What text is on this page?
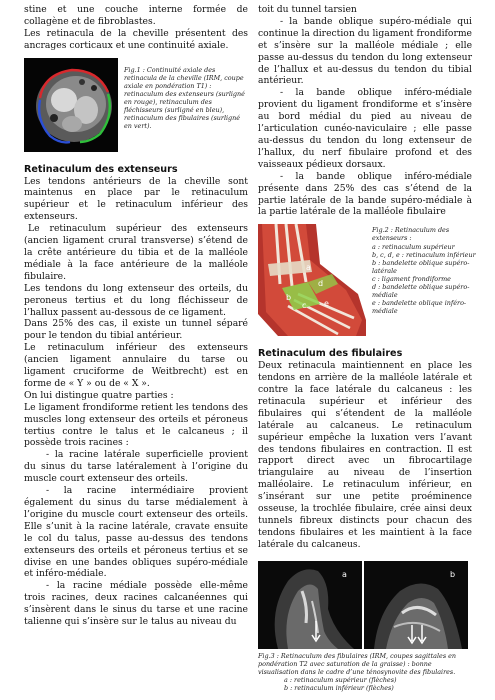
stine et une couche interne formée de collagène et de fibroblastes.

Les retinacula de la cheville présentent des ancrages corticaux et une continuité axiale.

Fig.1 : Continuité axiale des retinacula de la cheville (IRM, coupe axiale en pondération T1) : retinaculum des extenseurs (surligné en rouge), retinaculum des fléchisseurs (surligné en bleu), retinaculum des fibulaires (surligné en vert).

Retinaculum des extenseurs

Les tendons antérieurs de la cheville sont maintenus en place par le retinaculum supérieur et le retinaculum inférieur des extenseurs.

Le retinaculum supérieur des extenseurs (ancien ligament crural transverse) s’étend de la crête antérieure du tibia et de la malléole médiale à la face antérieure de la malléole fibulaire.

Les tendons du long extenseur des orteils, du peroneus tertius et du long fléchisseur de l’hallux passent au-dessous de ce ligament.

Dans 25% des cas, il existe un tunnel séparé pour le tendon du tibial antérieur.

Le retinaculum inférieur des extenseurs (ancien ligament annulaire du tarse ou ligament cruciforme de Weitbrecht) est en forme de « Y » ou de « X ».

On lui distingue quatre parties :

Le ligament frondiforme retient les tendons des muscles long extenseur des orteils et péroneus tertius contre le talus et le calcaneus ; il possède trois racines :

- la racine latérale superficielle provient du sinus du tarse latéralement à l’origine du muscle court extenseur des orteils.

- la racine intermédiaire provient également du sinus du tarse médialement à l’origine du muscle court extenseur des orteils. Elle s’unit à la racine latérale, cravate ensuite le col du talus, passe au-dessus des tendons extenseurs des orteils et péroneus tertius et se divise en une bandes obliques supéro-médiale et inféro-médiale.

- la racine médiale possède elle-même trois racines, deux racines calcanéennes qui s’insèrent dans le sinus du tarse et une racine talienne qui s’insère sur le talus au niveau du

toit du tunnel tarsien

- la bande oblique supéro-médiale qui continue la direction du ligament frondiforme et s’insère sur la malléole médiale ; elle passe au-dessus du tendon du long extenseur de l’hallux et au-dessus du tendon du tibial antérieur.

- la bande oblique inféro-médiale provient du ligament frondiforme et s’insère au bord médial du pied au niveau de l’articulation cunéo-naviculaire ; elle passe au-dessus du tendon du long extenseur de l’hallux, du nerf fibulaire profond et des vaisseaux pédieux dorsaux.

- la bande oblique inféro-médiale présente dans 25% des cas s’étend de la partie latérale de la bande supéro-médiale à la partie latérale de la malléole fibulaire

a
b
c
d
e
Fig.2 : Retinaculum des extenseurs :
a : retinaculum supérieur
b, c, d, e : retinaculum inférieur
b : bandelette oblique supéro-latérale
c : ligament frondiforme
d : bandelette oblique supéro-médiale
e : bandelette oblique inféro-médiale

Retinaculum des fibulaires

Deux retinacula maintiennent en place les tendons en arrière de la malléole latérale et contre la face latérale du calcaneus : les retinacula supérieur et inférieur des fibulaires qui s’étendent de la malléole latérale au calcaneus. Le retinaculum supérieur empêche la luxation vers l’avant des tendons fibulaires en contraction. Il est rapport direct avec un fibrocartilage triangulaire au niveau de l’insertion malléolaire. Le retinaculum inférieur, en s’insérant sur une petite proéminence osseuse, la trochlée fibulaire, crée ainsi deux tunnels fibreux distincts pour chacun des tendons fibulaires et les maintient à la face latérale du calcaneus.

a	b
Fig.3 : Retinaculum des fibulaires (IRM, coupes sagittales en pondération T2 avec saturation de la graisse) : bonne visualisation dans le cadre d’une ténosynovite des fibulaires.
a : retinaculum supérieur (flèches)
b : retinaculum inférieur (flèches)
